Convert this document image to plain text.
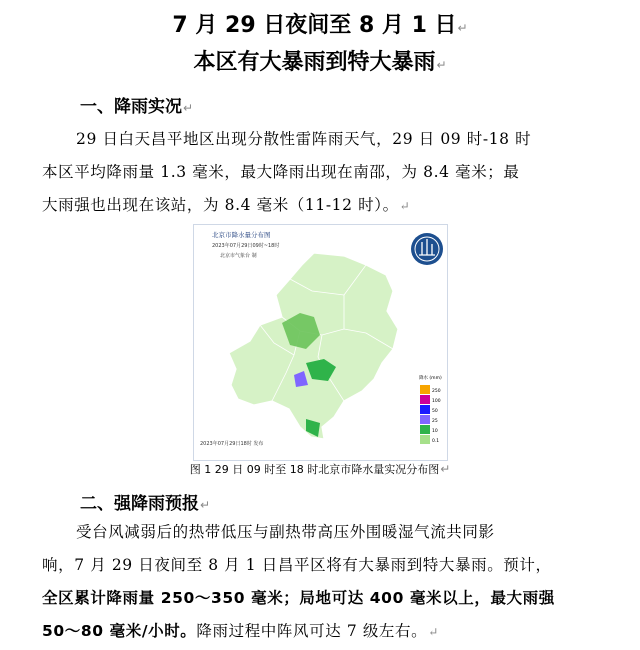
7 月 29 日夜间至 8 月 1 日↵
本区有大暴雨到特大暴雨↵
一、降雨实况↵
29 日白天昌平地区出现分散性雷阵雨天气，29 日 09 时-18 时
本区平均降雨量 1.3 毫米，最大降雨出现在南邵，为 8.4 毫米；最
大雨强也出现在该站，为 8.4 毫米（11-12 时）。↵
北京市降水量分布图
2023年07月29日09时~18时
北京市气象台 制
降水 (mm)
250
100
50
25
10
0.1
2023年07月29日18时 发布
图 1 29 日 09 时至 18 时北京市降水量实况分布图↵
二、强降雨预报↵
受台风减弱后的热带低压与副热带高压外围暖湿气流共同影
响，7 月 29 日夜间至 8 月 1 日昌平区将有大暴雨到特大暴雨。预计，
全区累计降雨量 250～350 毫米；局地可达 400 毫米以上，最大雨强
50～80 毫米/小时。降雨过程中阵风可达 7 级左右。↵
